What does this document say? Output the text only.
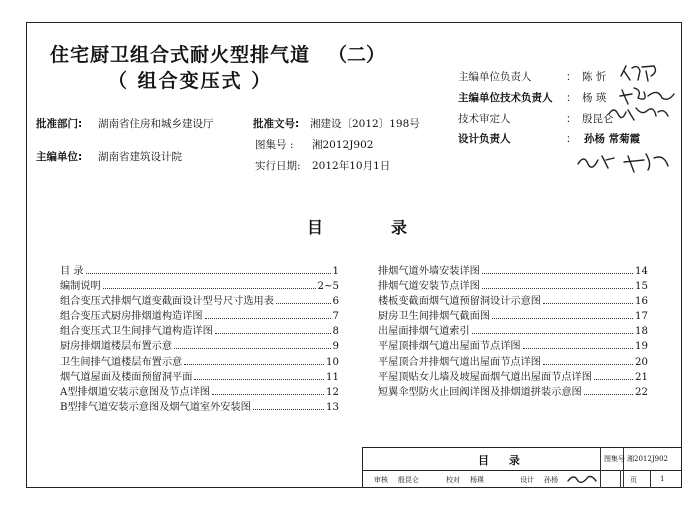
住宅厨卫组合式耐火型排气道 （二）
（ 组合变压式 ）
批准部门: 湖南省住房和城乡建设厅	批准文号: 湘建设〔2012〕198号
图集号 : 湘2012J902
主编单位: 湖南省建筑设计院
实行日期: 2012年10月1日
主编单位负责人	： 陈 忻
主编单位技术负责人 ： 杨 瑛
技术审定人	： 殷昆仑
设计负责人	： 孙杨 常菊霞
目	录
目 录	1
编制说明	2~5
组合变压式排烟气道变截面设计型号尺寸选用表	6
组合变压式厨房排烟道构造详图	7
组合变压式卫生间排气道构造详图	8
厨房排烟道楼层布置示意	9
卫生间排气道楼层布置示意	10
烟气道屋面及楼面预留洞平面	11
A型排烟道安装示意图及节点详图	12
B型排气道安装示意图及烟气道室外安装图	13
排烟气道外墙安装详图	14
排烟气道安装节点详图	15
楼板变截面烟气道预留洞设计示意图	16
厨房卫生间排烟气截面图	17
出屋面排烟气道索引	18
平屋顶排烟气道出屋面节点详图	19
平屋顶合并排烟气道出屋面节点详图	20
平屋顶贴女儿墙及坡屋面烟气道出屋面节点详图	21
短翼伞型防火止回阀详图及排烟道拼装示意图	22
目 录	图集号 湘2012J902
审核 殷昆仑	校对 杨瑛	设计 孙杨	页	1
